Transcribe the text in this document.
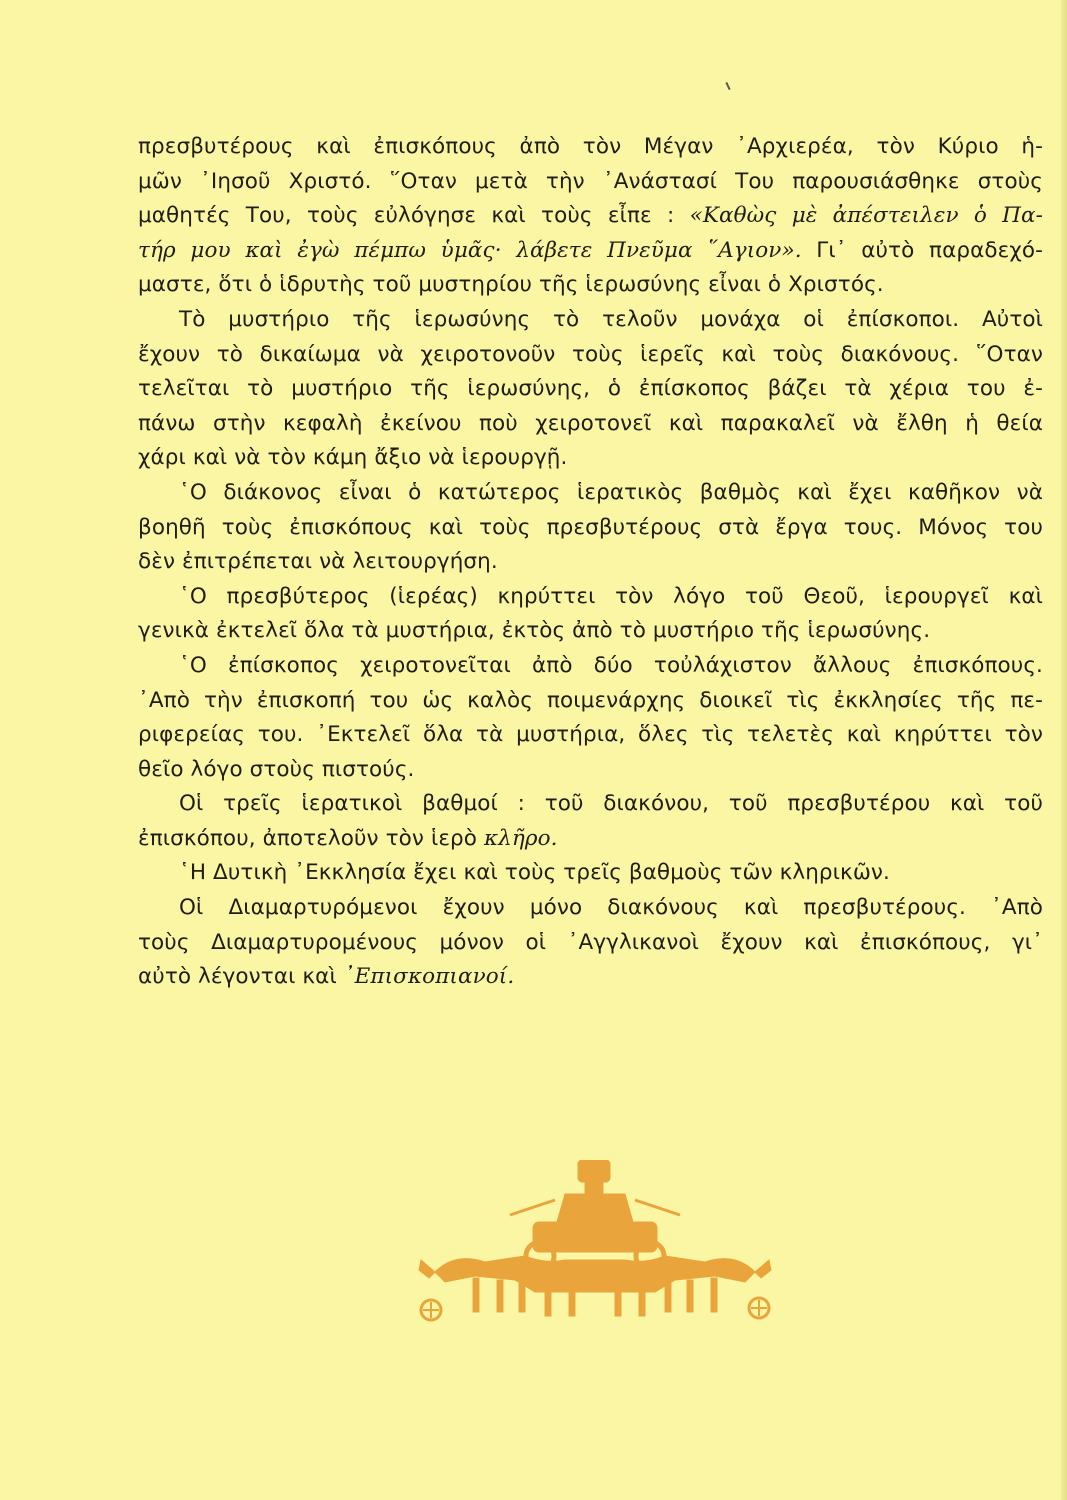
πρεσβυτέρους καὶ ἐπισκόπους ἀπὸ τὸν Μέγαν ᾿Αρχιερέα, τὸν Κύριο ἡ-
μῶν ᾿Ιησοῦ Χριστό. ῞Οταν μετὰ τὴν ᾿Ανάστασί Του παρουσιάσθηκε στοὺς
μαθητές Του, τοὺς εὐλόγησε καὶ τοὺς εἶπε : «Καθὼς μὲ ἀπέστειλεν ὁ Πα-
τήρ μου καὶ ἐγὼ πέμπω ὑμᾶς· λάβετε Πνεῦμα ῞Αγιον». Γι᾿ αὐτὸ παραδεχό-
μαστε, ὅτι ὁ ἱδρυτὴς τοῦ μυστηρίου τῆς ἱερωσύνης εἶναι ὁ Χριστός.
Τὸ μυστήριο τῆς ἱερωσύνης τὸ τελοῦν μονάχα οἱ ἐπίσκοποι. Αὐτοὶ
ἔχουν τὸ δικαίωμα νὰ χειροτονοῦν τοὺς ἱερεῖς καὶ τοὺς διακόνους. ῞Οταν
τελεῖται τὸ μυστήριο τῆς ἱερωσύνης, ὁ ἐπίσκοπος βάζει τὰ χέρια του ἐ-
πάνω στὴν κεφαλὴ ἐκείνου ποὺ χειροτονεῖ καὶ παρακαλεῖ νὰ ἔλθη ἡ θεία
χάρι καὶ νὰ τὸν κάμη ἄξιο νὰ ἱερουργῇ.
῾Ο διάκονος εἶναι ὁ κατώτερος ἱερατικὸς βαθμὸς καὶ ἔχει καθῆκον νὰ
βοηθῆ τοὺς ἐπισκόπους καὶ τοὺς πρεσβυτέρους στὰ ἔργα τους. Μόνος του
δὲν ἐπιτρέπεται νὰ λειτουργήση.
῾Ο πρεσβύτερος (ἱερέας) κηρύττει τὸν λόγο τοῦ Θεοῦ, ἱερουργεῖ καὶ
γενικὰ ἐκτελεῖ ὅλα τὰ μυστήρια, ἐκτὸς ἀπὸ τὸ μυστήριο τῆς ἱερωσύνης.
῾Ο ἐπίσκοπος χειροτονεῖται ἀπὸ δύο τοὐλάχιστον ἄλλους ἐπισκόπους.
᾿Απὸ τὴν ἐπισκοπή του ὡς καλὸς ποιμενάρχης διοικεῖ τὶς ἐκκλησίες τῆς πε-
ριφερείας του. ᾿Εκτελεῖ ὅλα τὰ μυστήρια, ὅλες τὶς τελετὲς καὶ κηρύττει τὸν
θεῖο λόγο στοὺς πιστούς.
Οἱ τρεῖς ἱερατικοὶ βαθμοί : τοῦ διακόνου, τοῦ πρεσβυτέρου καὶ τοῦ
ἐπισκόπου, ἀποτελοῦν τὸν ἱερὸ κλῆρο.
῾Η Δυτικὴ ᾿Εκκλησία ἔχει καὶ τοὺς τρεῖς βαθμοὺς τῶν κληρικῶν.
Οἱ Διαμαρτυρόμενοι ἔχουν μόνο διακόνους καὶ πρεσβυτέρους. ᾿Απὸ
τοὺς Διαμαρτυρομένους μόνον οἱ ᾿Αγγλικανοὶ ἔχουν καὶ ἐπισκόπους, γι᾿
αὐτὸ λέγονται καὶ ᾿Επισκοπιανοί.
